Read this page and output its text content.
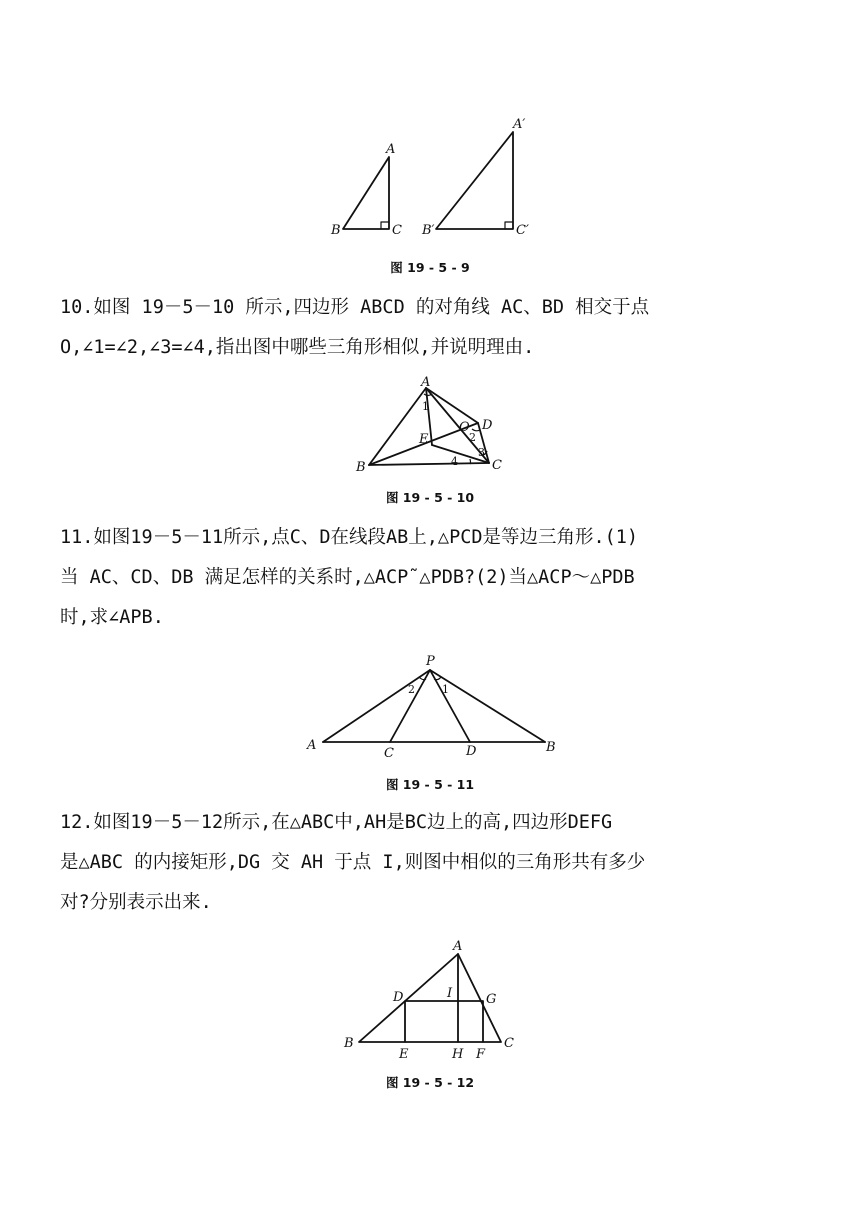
A
B	C
A′
B′	C′
图 19 - 5 - 9
10.如图 19－5－10 所示,四边形 ABCD 的对角线 AC、BD 相交于点
O,∠1=∠2,∠3=∠4,指出图中哪些三角形相似,并说明理由.
A
B	C
D
E
O
1
2
3
4
图 19 - 5 - 10
11.如图19－5－11所示,点C、D在线段AB上,△PCD是等边三角形.(1)
当 AC、CD、DB 满足怎样的关系时,△ACP˜△PDB?(2)当△ACP～△PDB
时,求∠APB.
P
A	B
C	D
2 1
图 19 - 5 - 11
12.如图19－5－12所示,在△ABC中,AH是BC边上的高,四边形DEFG
是△ABC 的内接矩形,DG 交 AH 于点 I,则图中相似的三角形共有多少
对?分别表示出来.
A
B	C
D
E	F
G
H
I
图 19 - 5 - 12
